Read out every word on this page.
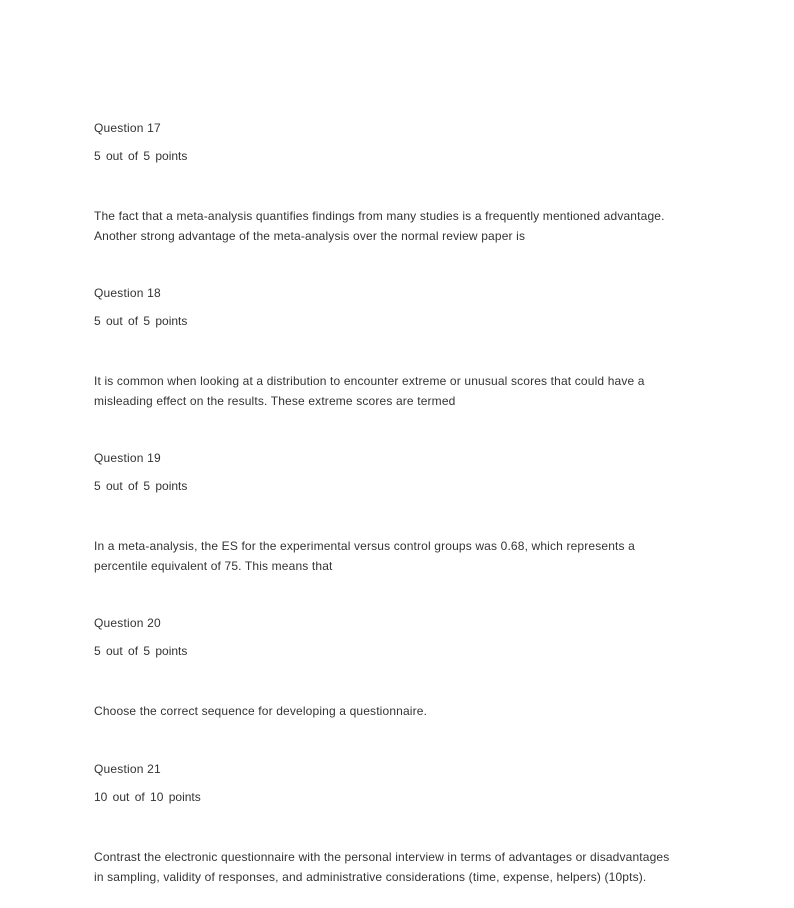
Question 17

5 out of 5 points

The fact that a meta-analysis quantifies findings from many studies is a frequently mentioned advantage. Another strong advantage of the meta-analysis over the normal review paper is

Question 18

5 out of 5 points

It is common when looking at a distribution to encounter extreme or unusual scores that could have a misleading effect on the results. These extreme scores are termed

Question 19

5 out of 5 points

In a meta-analysis, the ES for the experimental versus control groups was 0.68, which represents a percentile equivalent of 75. This means that

Question 20

5 out of 5 points

Choose the correct sequence for developing a questionnaire.

Question 21

10 out of 10 points

Contrast the electronic questionnaire with the personal interview in terms of advantages or disadvantages in sampling, validity of responses, and administrative considerations (time, expense, helpers) (10pts).
